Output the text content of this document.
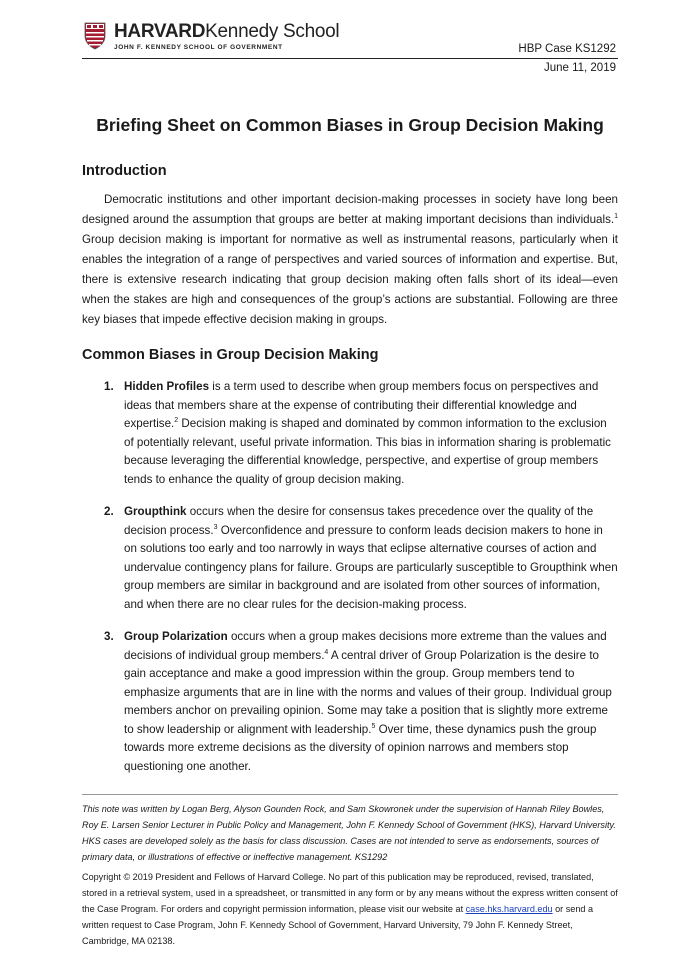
HARVARDKennedy School
JOHN F. KENNEDY SCHOOL OF GOVERNMENT	HBP Case KS1292
June 11, 2019
Briefing Sheet on Common Biases in Group Decision Making
Introduction

Democratic institutions and other important decision-making processes in society have long been designed around the assumption that groups are better at making important decisions than individuals.$^1$ Group decision making is important for normative as well as instrumental reasons, particularly when it enables the integration of a range of perspectives and varied sources of information and expertise. But, there is extensive research indicating that group decision making often falls short of its ideal—even when the stakes are high and consequences of the group’s actions are substantial. Following are three key biases that impede effective decision making in groups.

Common Biases in Group Decision Making
1. Hidden Profiles is a term used to describe when group members focus on perspectives and ideas that members share at the expense of contributing their differential knowledge and expertise.$^2$ Decision making is shaped and dominated by common information to the exclusion of potentially relevant, useful private information. This bias in information sharing is problematic because leveraging the differential knowledge, perspective, and expertise of group members tends to enhance the quality of group decision making.
2. Groupthink occurs when the desire for consensus takes precedence over the quality of the decision process.$^3$ Overconfidence and pressure to conform leads decision makers to hone in on solutions too early and too narrowly in ways that eclipse alternative courses of action and undervalue contingency plans for failure. Groups are particularly susceptible to Groupthink when group members are similar in background and are isolated from other sources of information, and when there are no clear rules for the decision-making process.
3. Group Polarization occurs when a group makes decisions more extreme than the values and decisions of individual group members.$^4$ A central driver of Group Polarization is the desire to gain acceptance and make a good impression within the group. Group members tend to emphasize arguments that are in line with the norms and values of their group. Individual group members anchor on prevailing opinion. Some may take a position that is slightly more extreme to show leadership or alignment with leadership.$^5$ Over time, these dynamics push the group towards more extreme decisions as the diversity of opinion narrows and members stop questioning one another.

This note was written by Logan Berg, Alyson Gounden Rock, and Sam Skowronek under the supervision of Hannah Riley Bowles, Roy E. Larsen Senior Lecturer in Public Policy and Management, John F. Kennedy School of Government (HKS), Harvard University. HKS cases are developed solely as the basis for class discussion. Cases are not intended to serve as endorsements, sources of primary data, or illustrations of effective or ineffective management. KS1292

Copyright © 2019 President and Fellows of Harvard College. No part of this publication may be reproduced, revised, translated, stored in a retrieval system, used in a spreadsheet, or transmitted in any form or by any means without the express written consent of the Case Program. For orders and copyright permission information, please visit our website at case.hks.harvard.edu or send a written request to Case Program, John F. Kennedy School of Government, Harvard University, 79 John F. Kennedy Street, Cambridge, MA 02138.
